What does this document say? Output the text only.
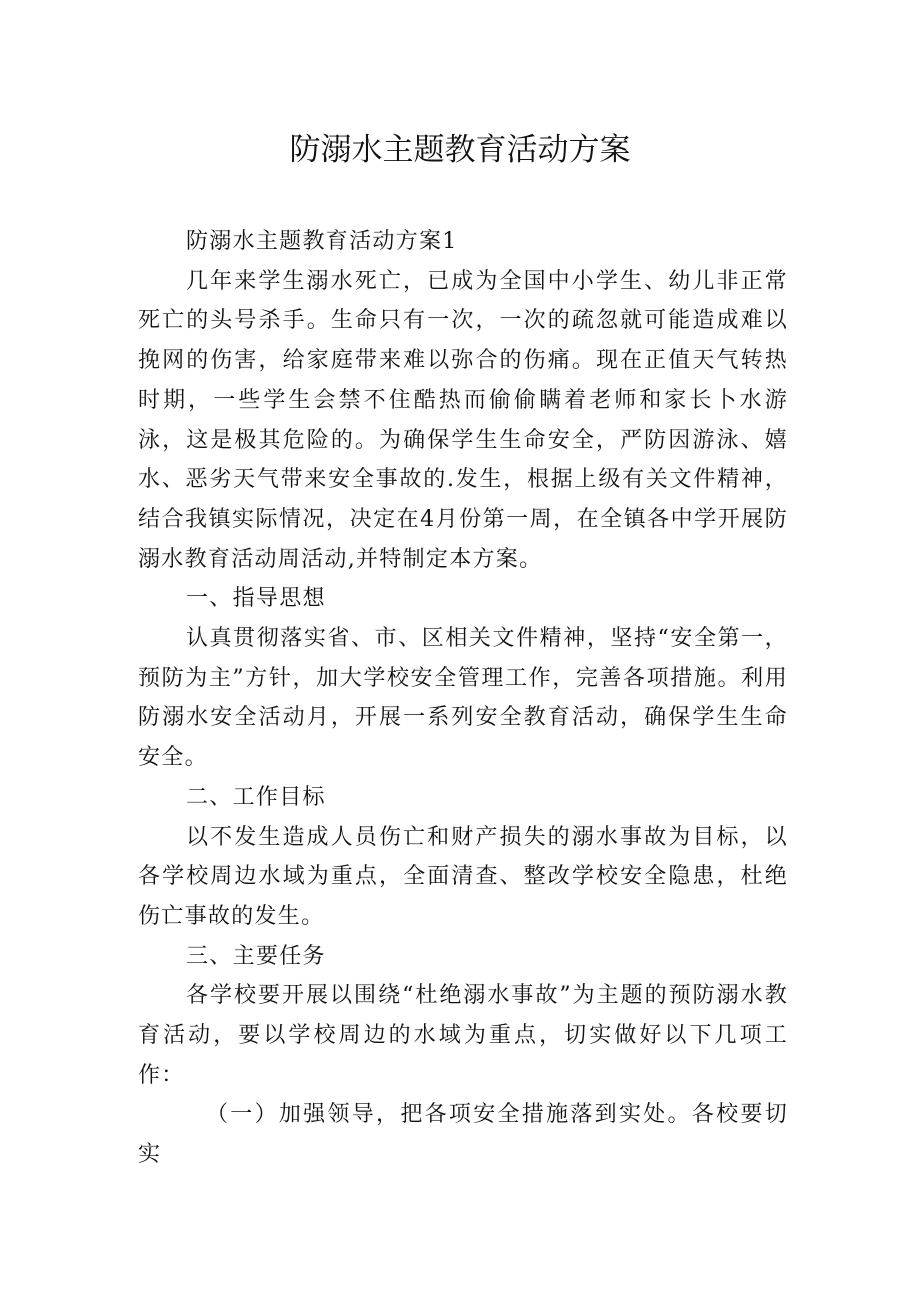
防溺水主题教育活动方案

防溺水主题教育活动方案1

几年来学生溺水死亡，已成为全国中小学生、幼儿非正常死亡的头号杀手。生命只有一次，一次的疏忽就可能造成难以挽网的伤害，给家庭带来难以弥合的伤痛。现在正值天气转热时期，一些学生会禁不住酷热而偷偷瞒着老师和家长卜水游泳，这是极其危险的。为确保学生生命安全，严防因游泳、嬉水、恶劣天气带来安全事故的.发生，根据上级有关文件精神，结合我镇实际情况，决定在4月份第一周，在全镇各中学开展防溺水教育活动周活动,并特制定本方案。

一、指导思想

认真贯彻落实省、市、区相关文件精神，坚持“安全第一，预防为主”方针，加大学校安全管理工作，完善各项措施。利用防溺水安全活动月，开展一系列安全教育活动，确保学生生命安全。

二、工作目标

以不发生造成人员伤亡和财产损失的溺水事故为目标，以各学校周边水域为重点，全面清查、整改学校安全隐患，杜绝伤亡事故的发生。

三、主要任务

各学校要开展以围绕“杜绝溺水事故”为主题的预防溺水教育活动，要以学校周边的水域为重点，切实做好以下几项工作：

（一）加强领导，把各项安全措施落到实处。各校要切实
